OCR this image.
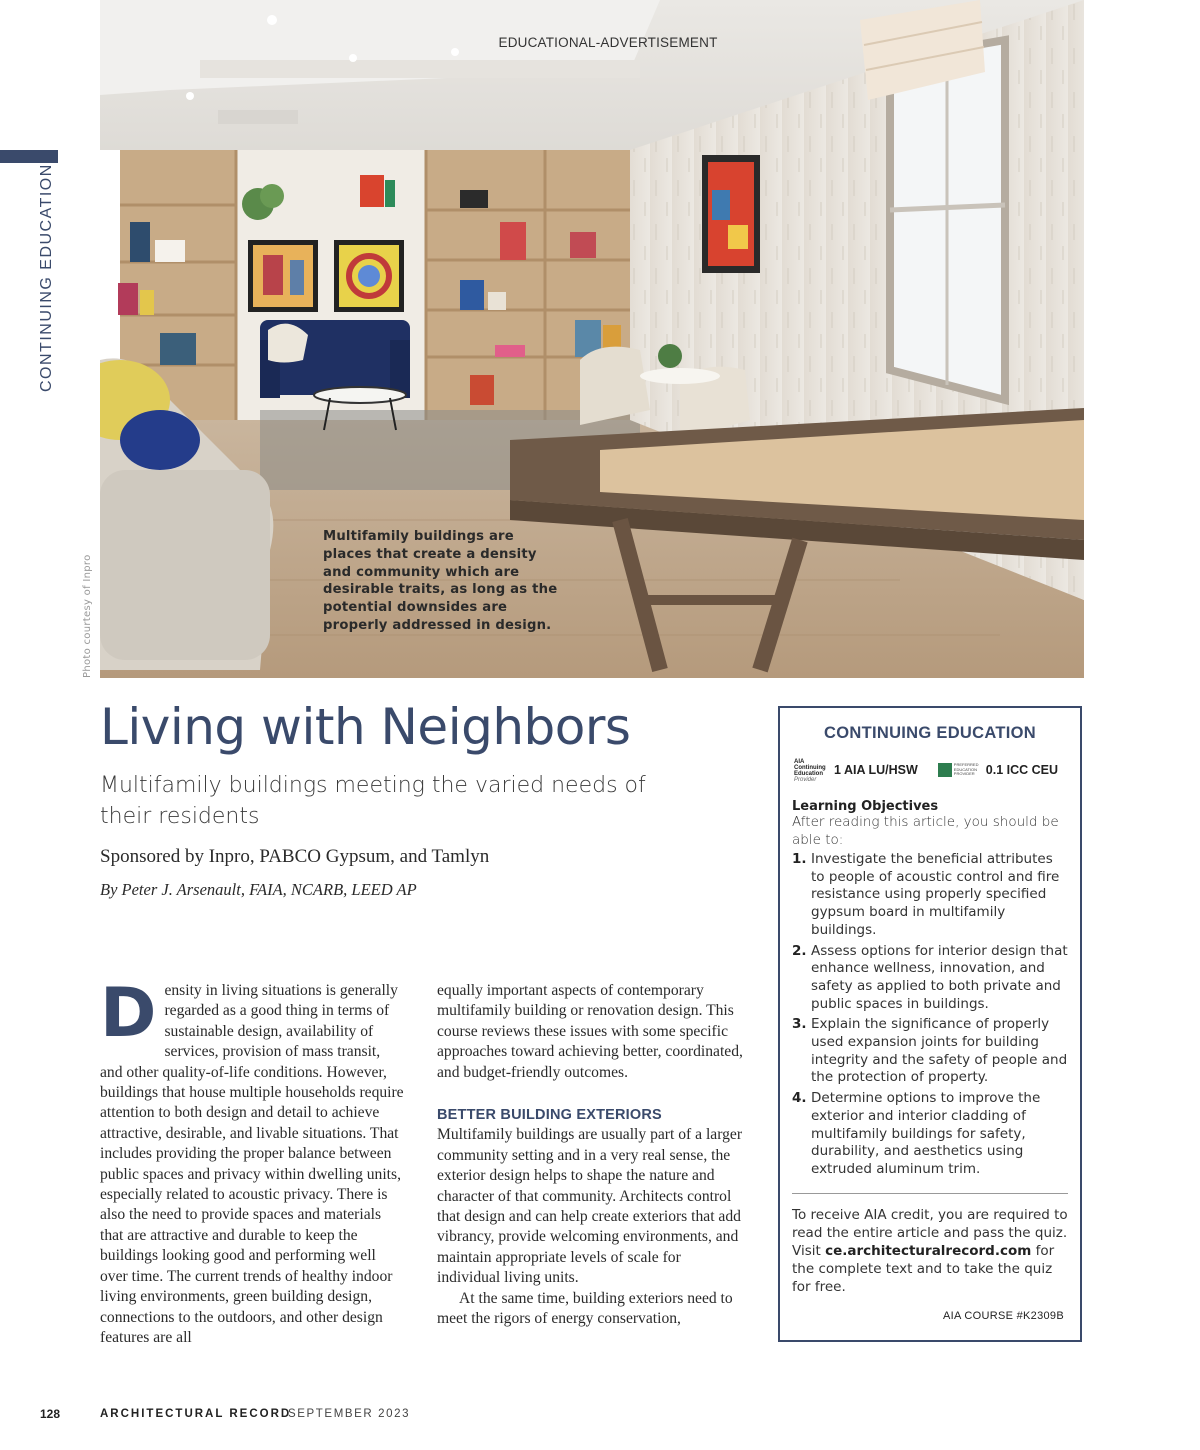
CONTINUING EDUCATION
Photo courtesy of Inpro
EDUCATIONAL-ADVERTISEMENT
Multifamily buildings are places that create a density and community which are desirable traits, as long as the potential downsides are properly addressed in design.
Living with Neighbors
Multifamily buildings meeting the varied needs of their residents
Sponsored by Inpro, PABCO Gypsum, and Tamlyn
By Peter J. Arsenault, FAIA, NCARB, LEED AP
Density in living situations is generally regarded as a good thing in terms of sustainable design, availability of services, provision of mass transit, and other quality-of-life conditions. However, buildings that house multiple households require attention to both design and detail to achieve attractive, desirable, and livable situations. That includes providing the proper balance between public spaces and privacy within dwelling units, especially related to acoustic privacy. There is also the need to provide spaces and materials that are attractive and durable to keep the buildings looking good and performing well over time. The current trends of healthy indoor living environments, green building design, connections to the outdoors, and other design features are all

equally important aspects of contemporary multifamily building or renovation design. This course reviews these issues with some specific approaches toward achieving better, coordinated, and budget-friendly outcomes.

BETTER BUILDING EXTERIORS

Multifamily buildings are usually part of a larger community setting and in a very real sense, the exterior design helps to shape the nature and character of that community. Architects control that design and can help create exteriors that add vibrancy, provide welcoming environments, and maintain appropriate levels of scale for individual living units.

At the same time, building exteriors need to meet the rigors of energy conservation,

CONTINUING EDUCATION
AIA
Continuing
Education
Provider
1 AIA LU/HSW	PREFERRED
EDUCATION
PROVIDER 0.1 ICC CEU
Learning Objectives
After reading this article, you should be able to:
1. Investigate the beneficial attributes to people of acoustic control and fire resistance using properly specified gypsum board in multifamily buildings.
2. Assess options for interior design that enhance wellness, innovation, and safety as applied to both private and public spaces in buildings.
3. Explain the significance of properly used expansion joints for building integrity and the safety of people and the protection of property.
4. Determine options to improve the exterior and interior cladding of multifamily buildings for safety, durability, and aesthetics using extruded aluminum trim.
To receive AIA credit, you are required to read the entire article and pass the quiz. Visit ce.architecturalrecord.com for the complete text and to take the quiz for free.
AIA COURSE #K2309B
128	ARCHITECTURAL RECORD
SEPTEMBER 2023
